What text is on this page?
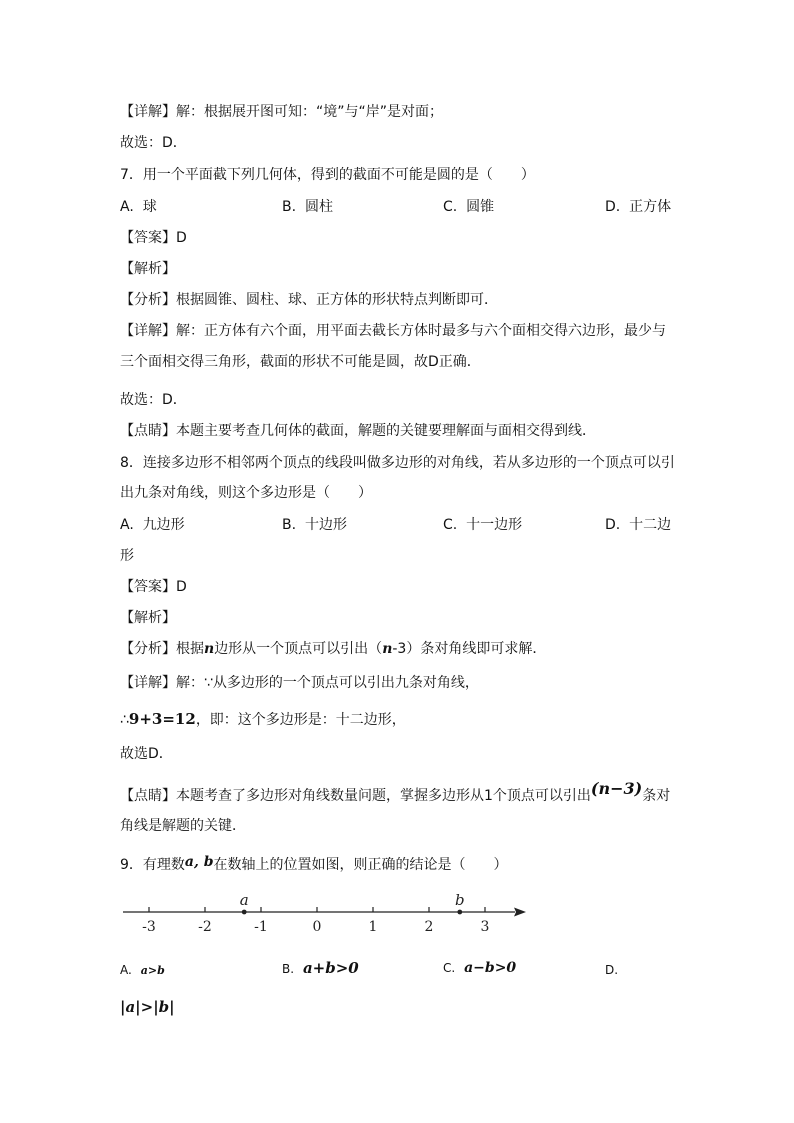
【详解】解：根据展开图可知：“境”与“岸”是对面；
故选：D．
7．用一个平面截下列几何体，得到的截面不可能是圆的是（　　）
A. 球	B. 圆柱	C. 圆锥	D. 正方体
【答案】D
【解析】
【分析】根据圆锥、圆柱、球、正方体的形状特点判断即可．
【详解】解：正方体有六个面，用平面去截长方体时最多与六个面相交得六边形，最少与
三个面相交得三角形，截面的形状不可能是圆，故D正确．
故选：D．
【点睛】本题主要考查几何体的截面，解题的关键要理解面与面相交得到线．
8．连接多边形不相邻两个顶点的线段叫做多边形的对角线，若从多边形的一个顶点可以引
出九条对角线，则这个多边形是（　　）
A. 九边形	B. 十边形	C. 十一边形	D. 十二边
形
【答案】D
【解析】
【分析】根据n边形从一个顶点可以引出（n-3）条对角线即可求解．
【详解】解：∵从多边形的一个顶点可以引出九条对角线，
∴9+3=12，即：这个多边形是：十二边形，
故选D．
【点睛】本题考查了多边形对角线数量问题，掌握多边形从1个顶点可以引出(n−3)条对
角线是解题的关键．
9．有理数a, b在数轴上的位置如图，则正确的结论是（　　）
-3	-2	-1	0	1	2	3
a	b
A. a>b	B. a+b>0	C. a−b>0	D.
|a|>|b|
